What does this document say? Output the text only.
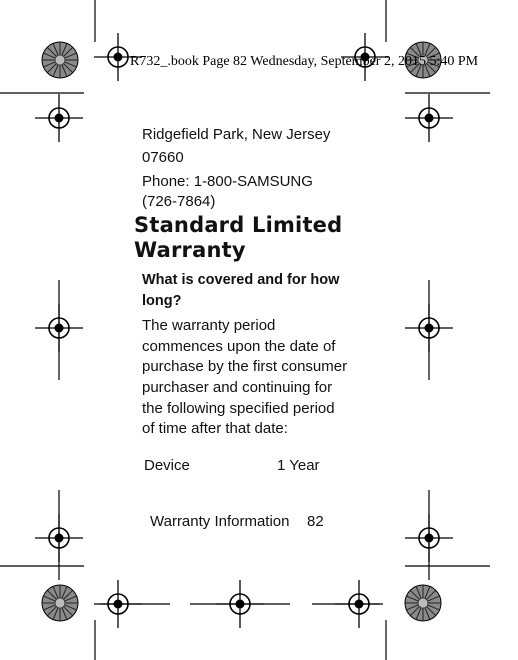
R732_.book Page 82 Wednesday, September 2, 2015 5:40 PM
Ridgefield Park, New Jersey
07660
Phone: 1-800-SAMSUNG
(726-7864)
Standard Limited
Warranty
What is covered and for how
long?
The warranty period
commences upon the date of
purchase by the first consumer
purchaser and continuing for
the following specified period
of time after that date:
Device	1 Year
Warranty Information 82
